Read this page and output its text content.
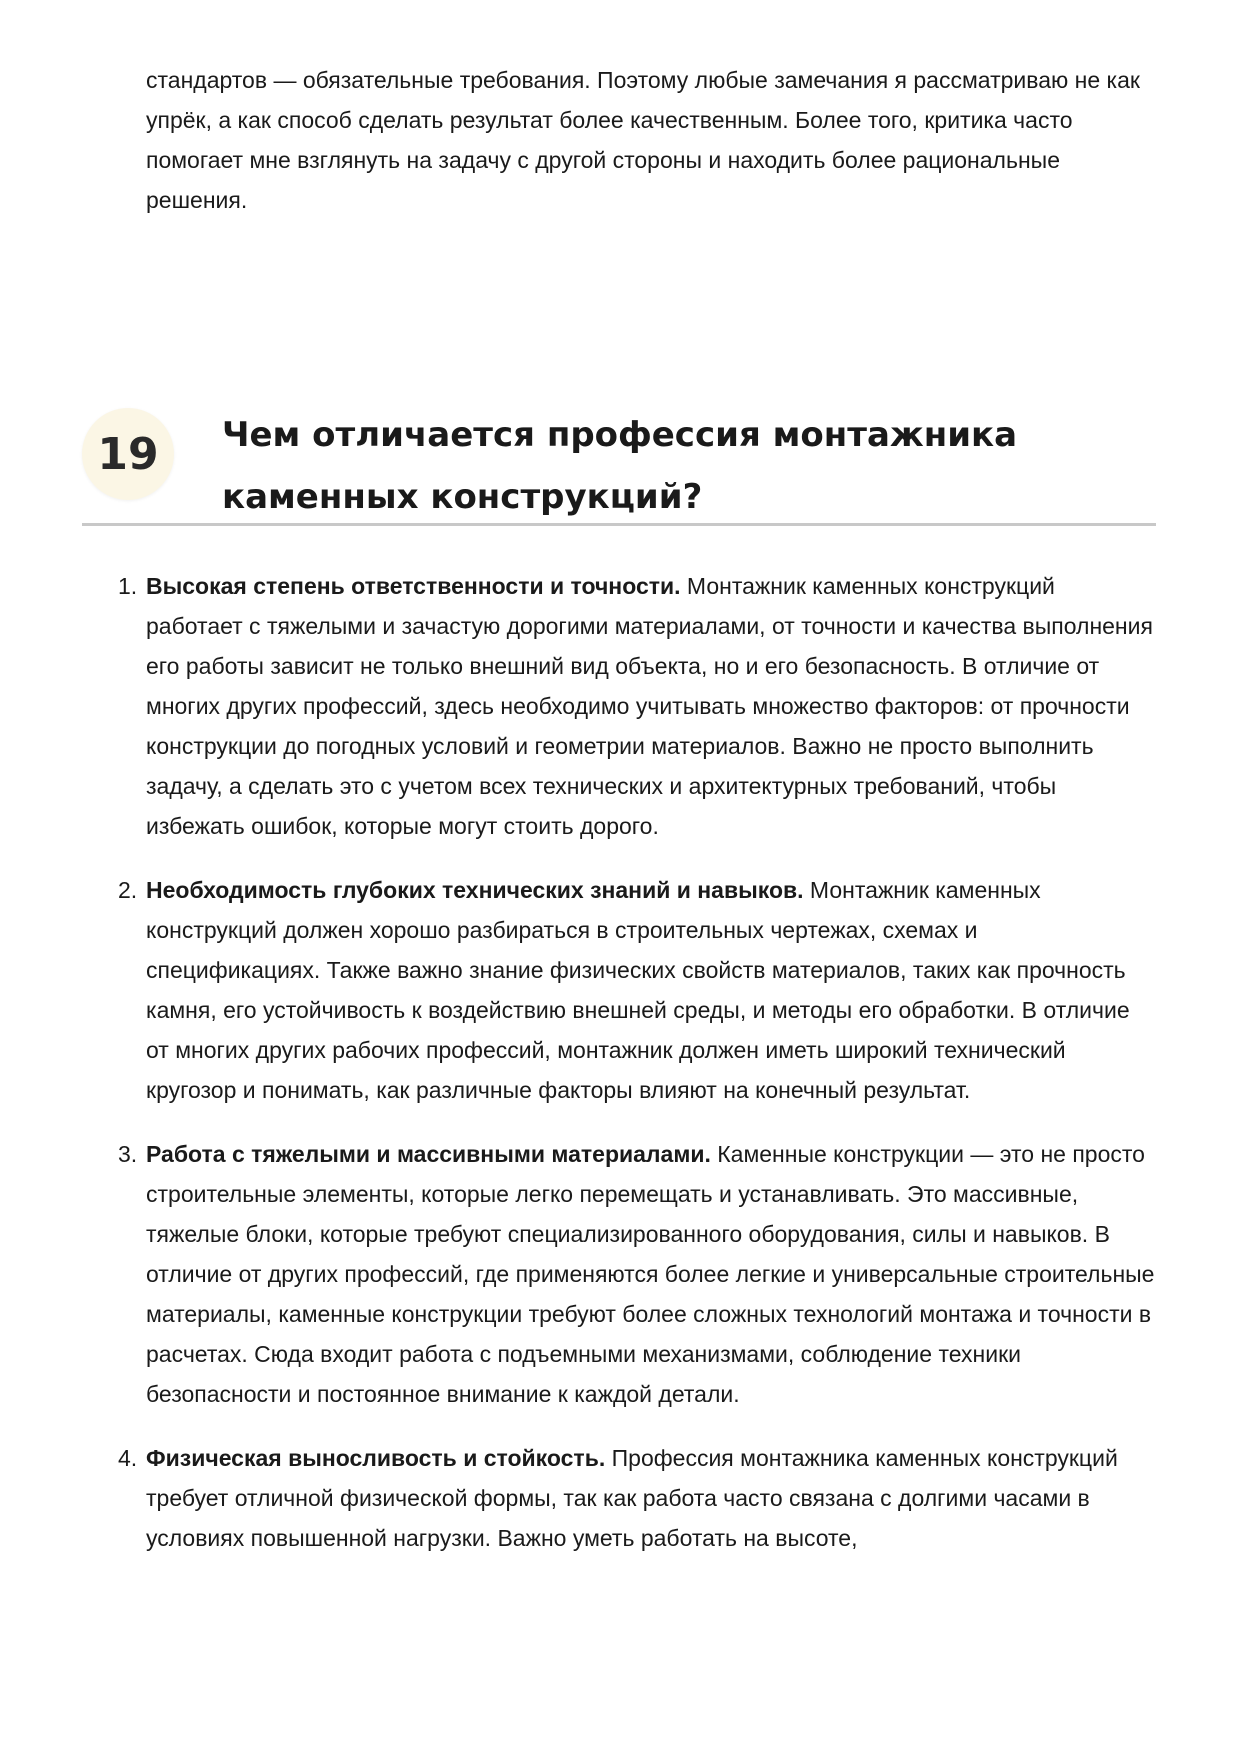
стандартов — обязательные требования. Поэтому любые замечания я рассматриваю не как упрёк, а как способ сделать результат более качественным. Более того, критика часто помогает мне взглянуть на задачу с другой стороны и находить более рациональные решения.

19	Чем отличается профессия монтажника каменных конструкций?
1. Высокая степень ответственности и точности. Монтажник каменных конструкций работает с тяжелыми и зачастую дорогими материалами, от точности и качества выполнения его работы зависит не только внешний вид объекта, но и его безопасность. В отличие от многих других профессий, здесь необходимо учитывать множество факторов: от прочности конструкции до погодных условий и геометрии материалов. Важно не просто выполнить задачу, а сделать это с учетом всех технических и архитектурных требований, чтобы избежать ошибок, которые могут стоить дорого.
2. Необходимость глубоких технических знаний и навыков. Монтажник каменных конструкций должен хорошо разбираться в строительных чертежах, схемах и спецификациях. Также важно знание физических свойств материалов, таких как прочность камня, его устойчивость к воздействию внешней среды, и методы его обработки. В отличие от многих других рабочих профессий, монтажник должен иметь широкий технический кругозор и понимать, как различные факторы влияют на конечный результат.
3. Работа с тяжелыми и массивными материалами. Каменные конструкции — это не просто строительные элементы, которые легко перемещать и устанавливать. Это массивные, тяжелые блоки, которые требуют специализированного оборудования, силы и навыков. В отличие от других профессий, где применяются более легкие и универсальные строительные материалы, каменные конструкции требуют более сложных технологий монтажа и точности в расчетах. Сюда входит работа с подъемными механизмами, соблюдение техники безопасности и постоянное внимание к каждой детали.
4. Физическая выносливость и стойкость. Профессия монтажника каменных конструкций требует отличной физической формы, так как работа часто связана с долгими часами в условиях повышенной нагрузки. Важно уметь работать на высоте,
